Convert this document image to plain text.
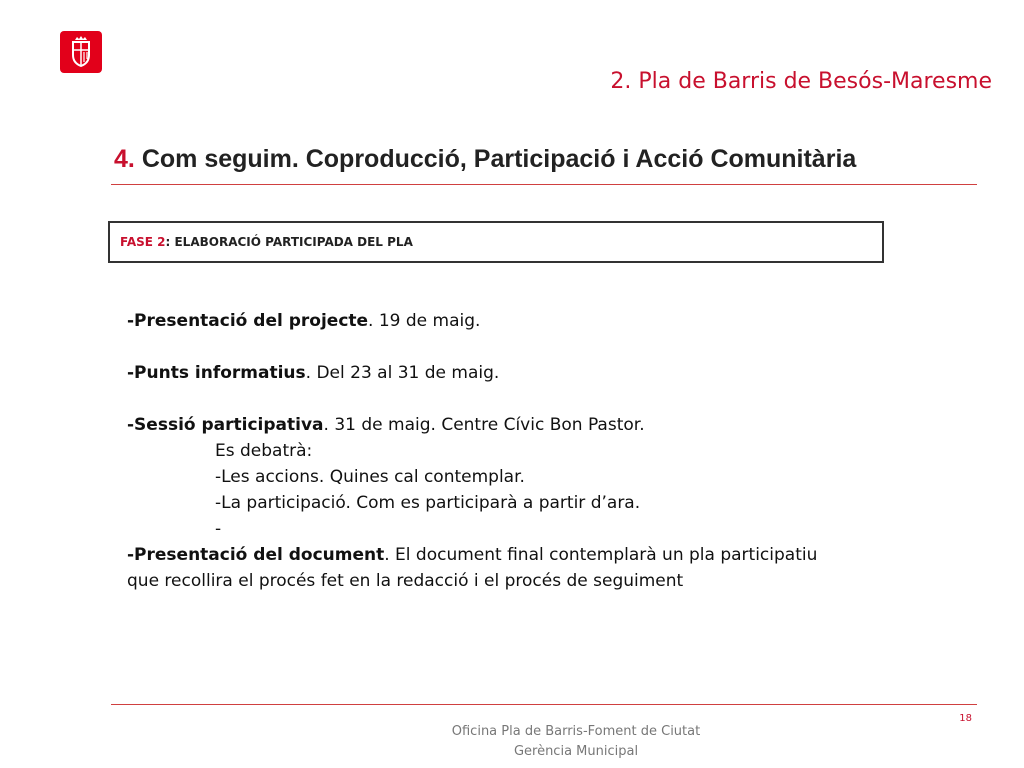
2. Pla de Barris de Besós-Maresme
4. Com seguim. Coproducció, Participació i Acció Comunitària
FASE 2: ELABORACIÓ PARTICIPADA DEL PLA
-Presentació del projecte. 19 de maig.
-Punts informatius. Del 23 al 31 de maig.
-Sessió participativa. 31 de maig. Centre Cívic Bon Pastor.
Es debatrà:
-Les accions. Quines cal contemplar.
-La participació. Com es participarà a partir d’ara.
-
-Presentació del document. El document final contemplarà un pla participatiu
que recollira el procés fet en la redacció i el procés de seguiment
18
Oficina Pla de Barris-Foment de Ciutat
Gerència Municipal
